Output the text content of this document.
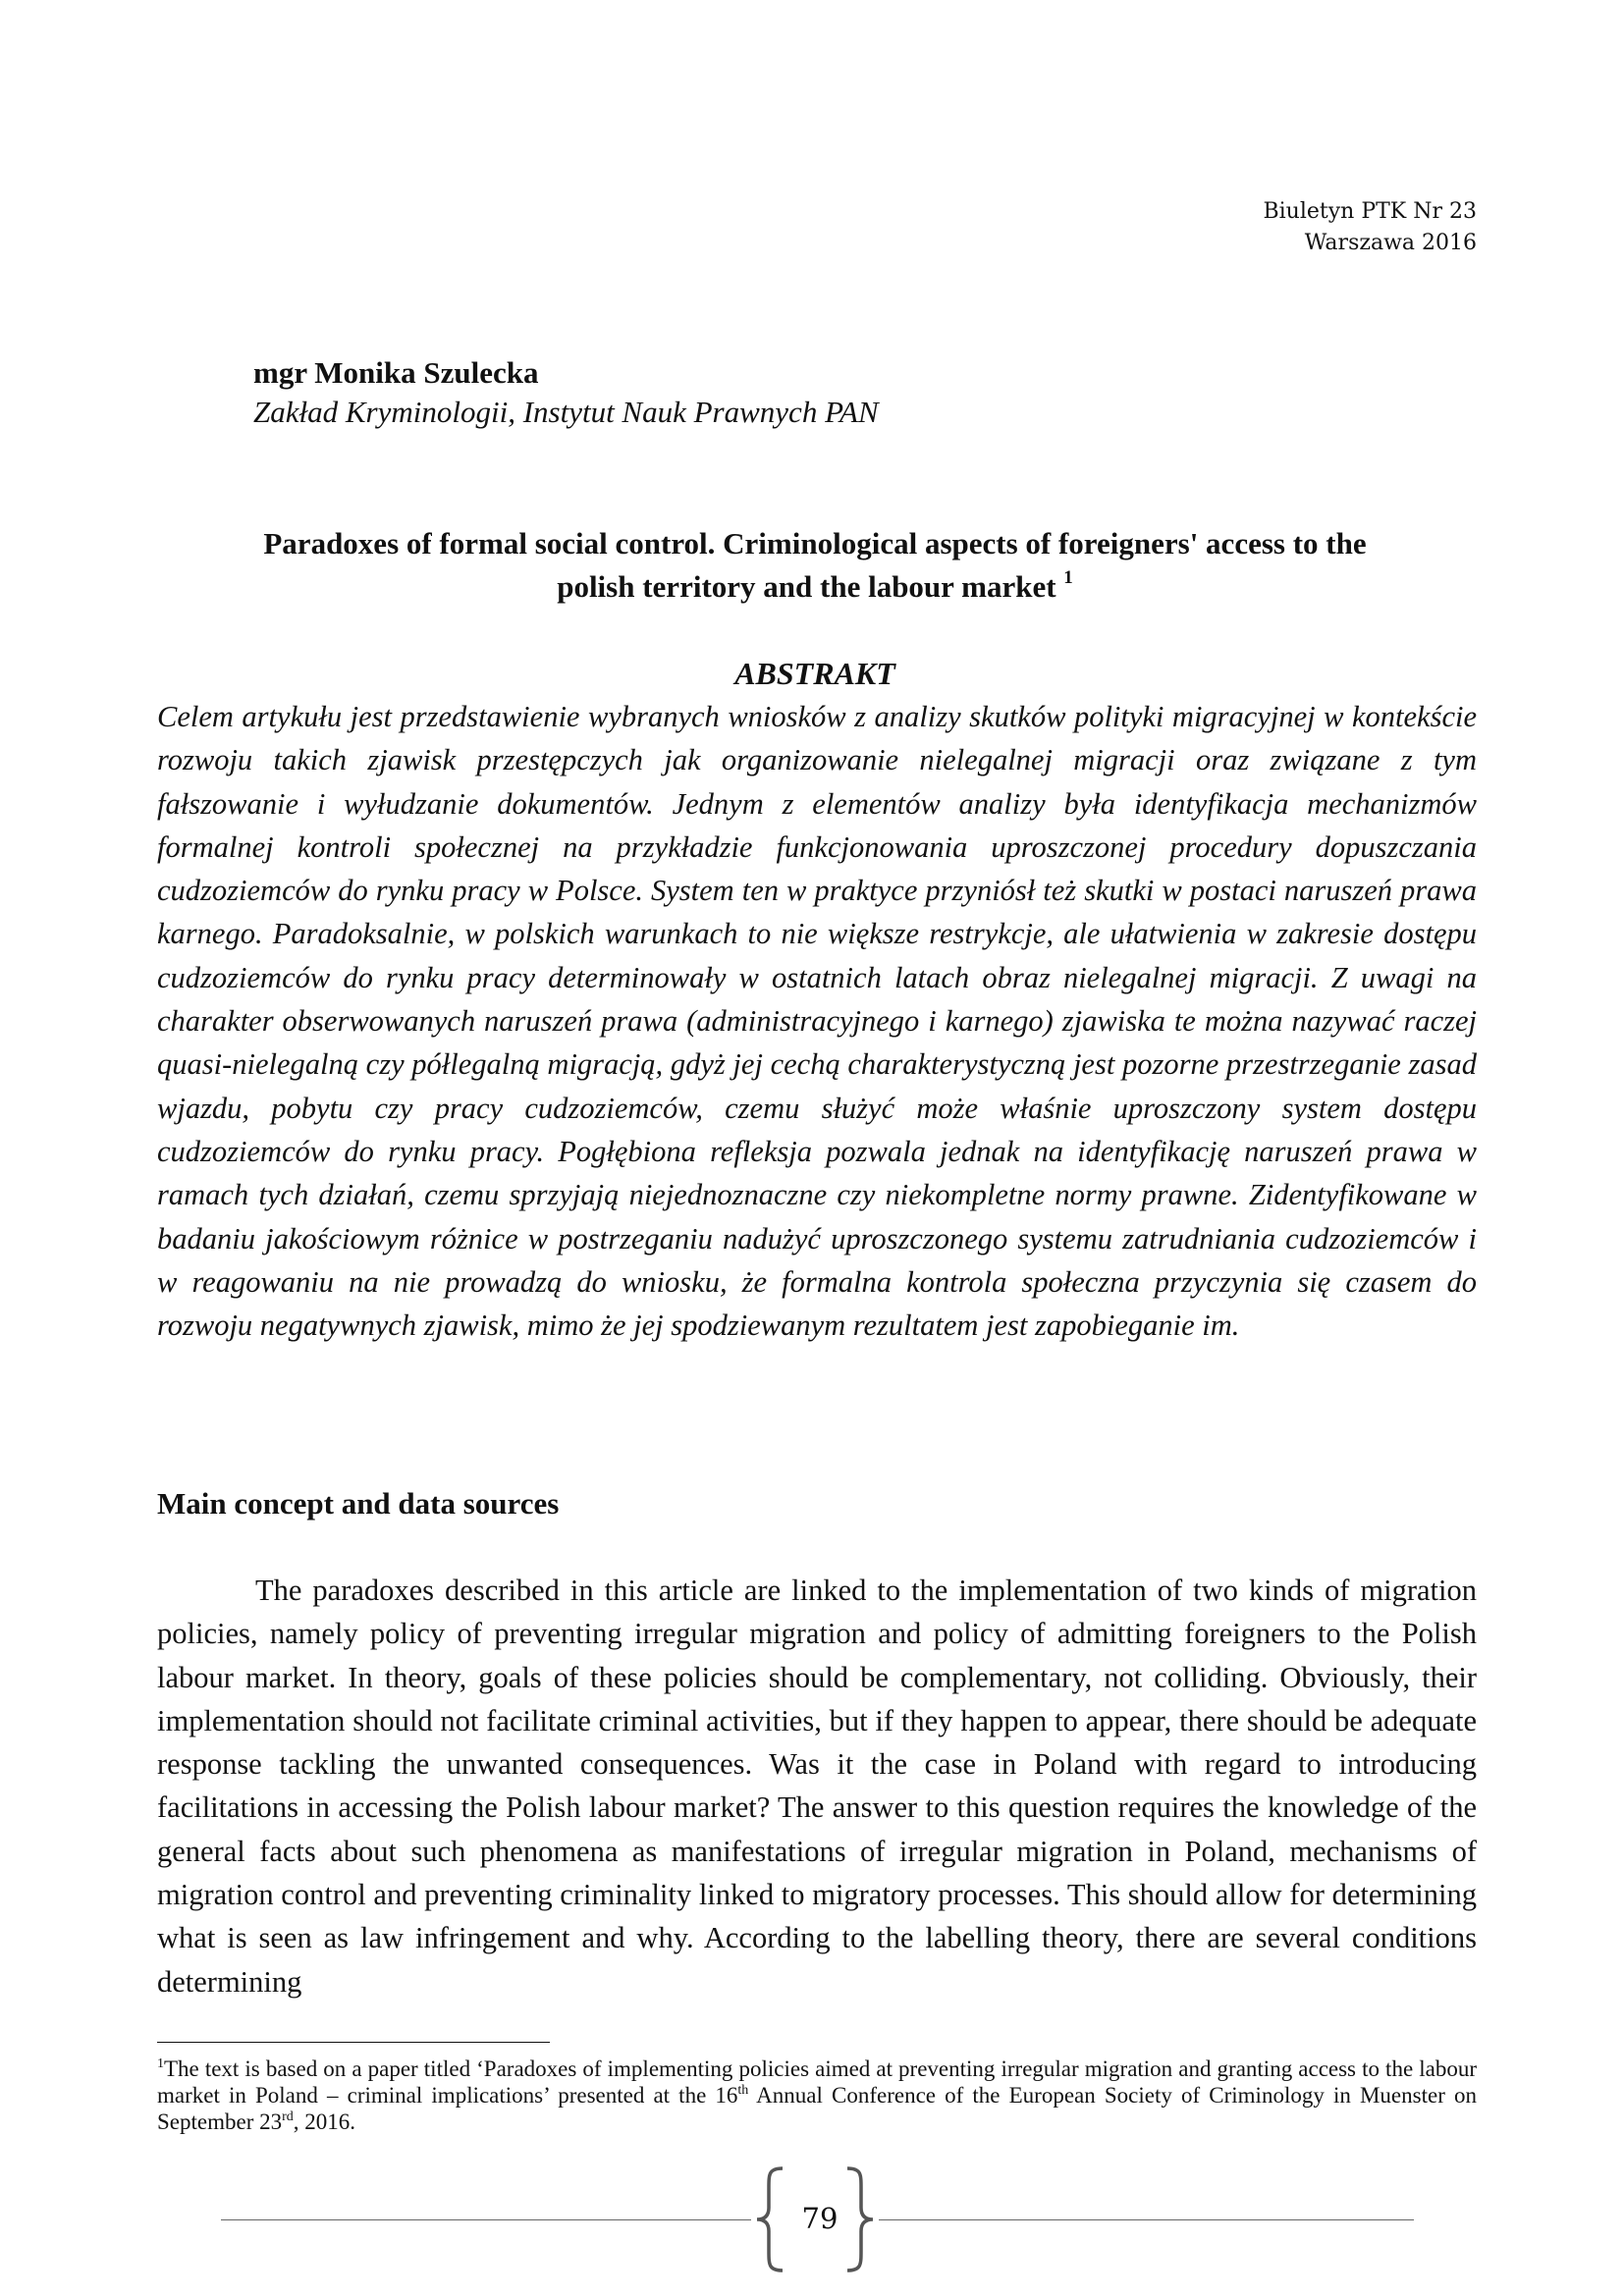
Biuletyn PTK Nr 23
Warszawa 2016

mgr Monika Szulecka

Zakład Kryminologii, Instytut Nauk Prawnych PAN

Paradoxes of formal social control. Criminological aspects of foreigners' access to the
polish territory and the labour market $^1$
ABSTRAKT

Celem artykułu jest przedstawienie wybranych wniosków z analizy skutków polityki migracyjnej w kontekście rozwoju takich zjawisk przestępczych jak organizowanie nielegalnej migracji oraz związane z tym fałszowanie i wyłudzanie dokumentów. Jednym z elementów analizy była identyfikacja mechanizmów formalnej kontroli społecznej na przykładzie funkcjonowania uproszczonej procedury dopuszczania cudzoziemców do rynku pracy w Polsce. System ten w praktyce przyniósł też skutki w postaci naruszeń prawa karnego. Paradoksalnie, w polskich warunkach to nie większe restrykcje, ale ułatwienia w zakresie dostępu cudzoziemców do rynku pracy determinowały w ostatnich latach obraz nielegalnej migracji. Z uwagi na charakter obserwowanych naruszeń prawa (administracyjnego i karnego) zjawiska te można nazywać raczej quasi-nielegalną czy półlegalną migracją, gdyż jej cechą charakterystyczną jest pozorne przestrzeganie zasad wjazdu, pobytu czy pracy cudzoziemców, czemu służyć może właśnie uproszczony system dostępu cudzoziemców do rynku pracy. Pogłębiona refleksja pozwala jednak na identyfikację naruszeń prawa w ramach tych działań, czemu sprzyjają niejednoznaczne czy niekompletne normy prawne. Zidentyfikowane w badaniu jakościowym różnice w postrzeganiu nadużyć uproszczonego systemu zatrudniania cudzoziemców i w reagowaniu na nie prowadzą do wniosku, że formalna kontrola społeczna przyczynia się czasem do rozwoju negatywnych zjawisk, mimo że jej spodziewanym rezultatem jest zapobieganie im.

Main concept and data sources

The paradoxes described in this article are linked to the implementation of two kinds of migration policies, namely policy of preventing irregular migration and policy of admitting foreigners to the Polish labour market. In theory, goals of these policies should be complementary, not colliding. Obviously, their implementation should not facilitate criminal activities, but if they happen to appear, there should be adequate response tackling the unwanted consequences. Was it the case in Poland with regard to introducing facilitations in accessing the Polish labour market? The answer to this question requires the knowledge of the general facts about such phenomena as manifestations of irregular migration in Poland, mechanisms of migration control and preventing criminality linked to migratory processes. This should allow for determining what is seen as law infringement and why. According to the labelling theory, there are several conditions determining

$^1$The text is based on a paper titled ‘Paradoxes of implementing policies aimed at preventing irregular migration and granting access to the labour market in Poland – criminal implications’ presented at the 16th Annual Conference of the European Society of Criminology in Muenster on September 23rd, 2016.

79
